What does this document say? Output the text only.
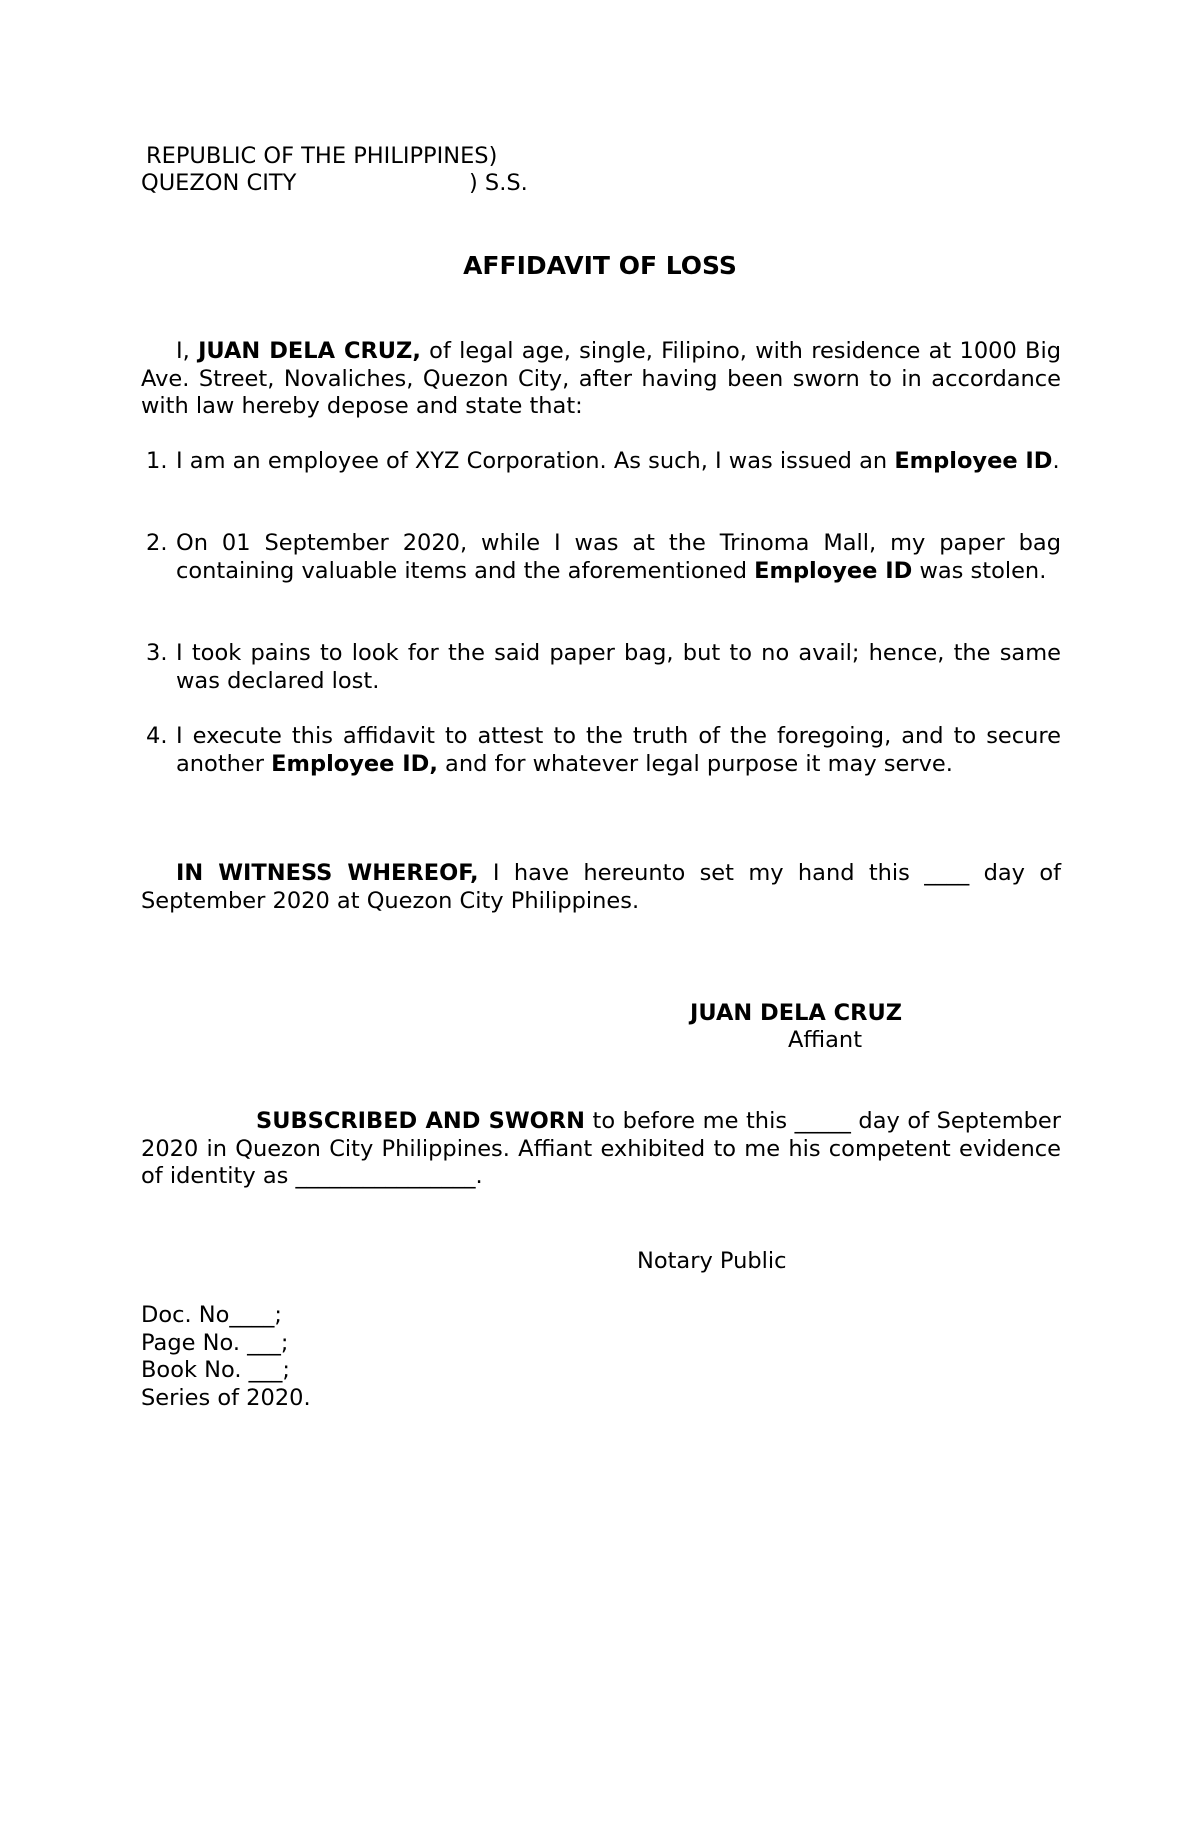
REPUBLIC OF THE PHILIPPINES)
QUEZON CITY	) S.S.
AFFIDAVIT OF LOSS
I, JUAN DELA CRUZ, of legal age, single, Filipino, with residence at 1000 Big Ave. Street, Novaliches, Quezon City, after having been sworn to in accordance with law hereby depose and state that:
1. I am an employee of XYZ Corporation. As such, I was issued an Employee ID.
2. On 01 September 2020, while I was at the Trinoma Mall, my paper bag containing valuable items and the aforementioned Employee ID was stolen.
3. I took pains to look for the said paper bag, but to no avail; hence, the same was declared lost.
4. I execute this affidavit to attest to the truth of the foregoing, and to secure another Employee ID, and for whatever legal purpose it may serve.
IN WITNESS WHEREOF, I have hereunto set my hand this ____ day of September 2020 at Quezon City Philippines.
JUAN DELA CRUZ
Affiant
SUBSCRIBED AND SWORN to before me this _____ day of September 2020 in Quezon City Philippines. Affiant exhibited to me his competent evidence of identity as ________________.
Notary Public
Doc. No____;
Page No. ___;
Book No. ___;
Series of 2020.
